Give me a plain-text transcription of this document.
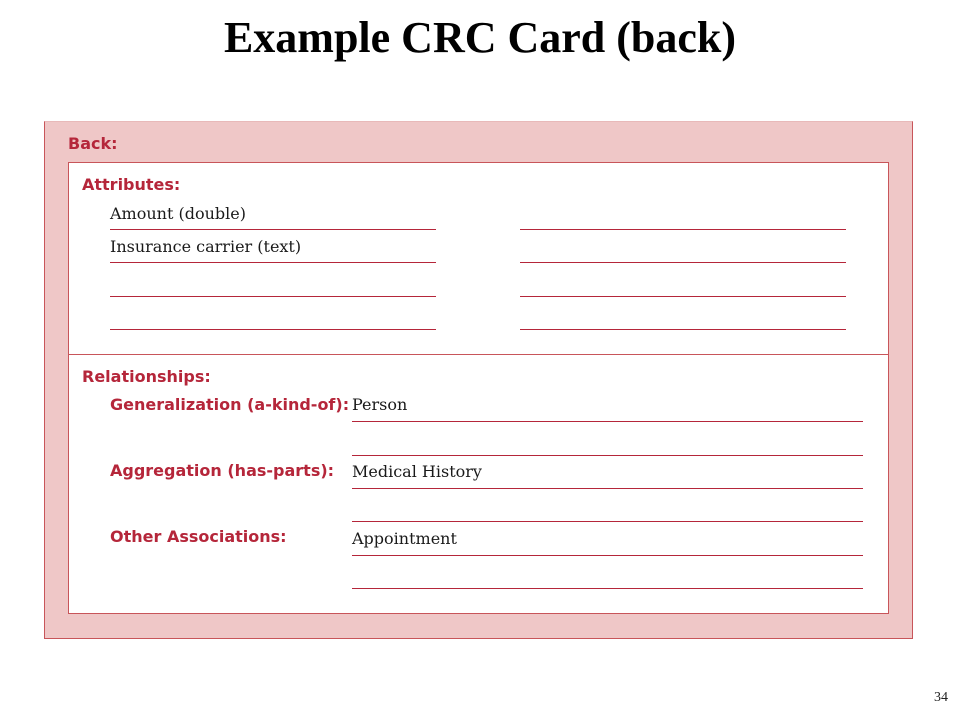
Example CRC Card (back)
Back:
Attributes:
Amount (double)
Insurance carrier (text)
Relationships:
Generalization (a-kind-of): Person
Aggregation (has-parts): Medical History
Other Associations:	Appointment
34
